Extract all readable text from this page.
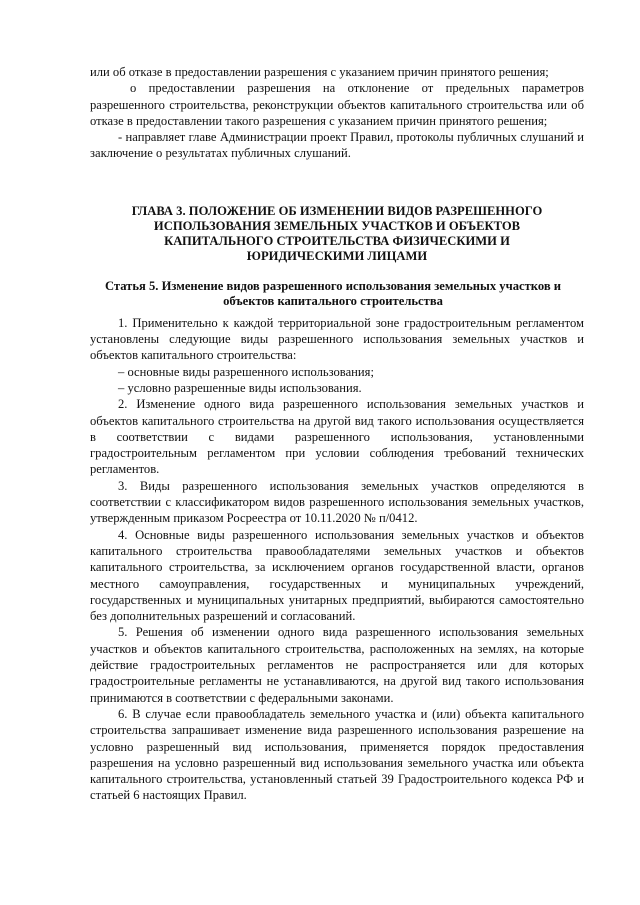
или об отказе в предоставлении разрешения с указанием причин принятого решения;

о предоставлении разрешения на отклонение от предельных параметров разрешенного строительства, реконструкции объектов капитального строительства или об отказе в предоставлении такого разрешения с указанием причин принятого решения;

- направляет главе Администрации проект Правил, протоколы публичных слушаний и заключение о результатах публичных слушаний.

ГЛАВА 3. ПОЛОЖЕНИЕ ОБ ИЗМЕНЕНИИ ВИДОВ РАЗРЕШЕННОГО ИСПОЛЬЗОВАНИЯ ЗЕМЕЛЬНЫХ УЧАСТКОВ И ОБЪЕКТОВ КАПИТАЛЬНОГО СТРОИТЕЛЬСТВА ФИЗИЧЕСКИМИ И ЮРИДИЧЕСКИМИ ЛИЦАМИ
Статья 5. Изменение видов разрешенного использования земельных участков и объектов капитального строительства

1. Применительно к каждой территориальной зоне градостроительным регламентом установлены следующие виды разрешенного использования земельных участков и объектов капитального строительства:

– основные виды разрешенного использования;

– условно разрешенные виды использования.

2. Изменение одного вида разрешенного использования земельных участков и объектов капитального строительства на другой вид такого использования осуществляется в соответствии с видами разрешенного использования, установленными градостроительным регламентом при условии соблюдения требований технических регламентов.

3. Виды разрешенного использования земельных участков определяются в соответствии с классификатором видов разрешенного использования земельных участков, утвержденным приказом Росреестра от 10.11.2020 № п/0412.

4. Основные виды разрешенного использования земельных участков и объектов капитального строительства правообладателями земельных участков и объектов капитального строительства, за исключением органов государственной власти, органов местного самоуправления, государственных и муниципальных учреждений, государственных и муниципальных унитарных предприятий, выбираются самостоятельно без дополнительных разрешений и согласований.

5. Решения об изменении одного вида разрешенного использования земельных участков и объектов капитального строительства, расположенных на землях, на которые действие градостроительных регламентов не распространяется или для которых градостроительные регламенты не устанавливаются, на другой вид такого использования принимаются в соответствии с федеральными законами.

6. В случае если правообладатель земельного участка и (или) объекта капитального строительства запрашивает изменение вида разрешенного использования разрешение на условно разрешенный вид использования, применяется порядок предоставления разрешения на условно разрешенный вид использования земельного участка или объекта капитального строительства, установленный статьей 39 Градостроительного кодекса РФ и статьей 6 настоящих Правил.
